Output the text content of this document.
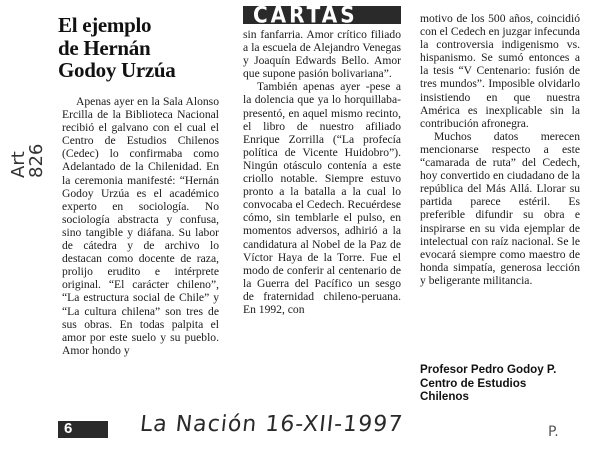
CARTAS
El ejemplo
de Hernán
Godoy Urzúa

Apenas ayer en la Sala Alonso Ercilla de la Biblioteca Nacional recibió el galvano con el cual el Centro de Estudios Chilenos (Cedec) lo confirmaba como Adelantado de la Chilenidad. En la ceremonia manifesté: “Hernán Godoy Urzúa es el académico experto en sociología. No sociología abstracta y confusa, sino tangible y diáfana. Su labor de cátedra y de archivo lo destacan como docente de raza, prolijo erudito e intérprete original. “El carácter chileno”, “La estructura social de Chile” y “La cultura chilena” son tres de sus obras. En todas palpita el amor por este suelo y su pueblo. Amor hondo y

sin fanfarria. Amor crítico filiado a la escuela de Alejandro Venegas y Joaquín Edwards Bello. Amor que supone pasión bolivariana”.

También apenas ayer -pese a la dolencia que ya lo horquillaba- presentó, en aquel mismo recinto, el libro de nuestro afiliado Enrique Zorrilla (“La profecía política de Vicente Huidobro”). Ningún otásculo contenía a este criollo notable. Siempre estuvo pronto a la batalla a la cual lo convocaba el Cedech. Recuérdese cómo, sin temblarle el pulso, en momentos adversos, adhirió a la candidatura al Nobel de la Paz de Víctor Haya de la Torre. Fue el modo de conferir al centenario de la Guerra del Pacífico un sesgo de fraternidad chileno-peruana. En 1992, con

motivo de los 500 años, coincidió con el Cedech en juzgar infecunda la controversia indigenismo vs. hispanismo. Se sumó entonces a la tesis “V Centenario: fusión de tres mundos”. Imposible olvidarlo insistiendo en que nuestra América es inexplicable sin la contribución afronegra.

Muchos datos merecen mencionarse respecto a este “camarada de ruta” del Cedech, hoy convertido en ciudadano de la república del Más Allá. Llorar su partida parece estéril. Es preferible difundir su obra e inspirarse en su vida ejemplar de intelectual con raíz nacional. Se le evocará siempre como maestro de honda simpatía, generosa lección y beligerante militancia.

Profesor Pedro Godoy P.
Centro de Estudios
Chilenos
6	La Nación 16-XII-1997	P.
Art
826
